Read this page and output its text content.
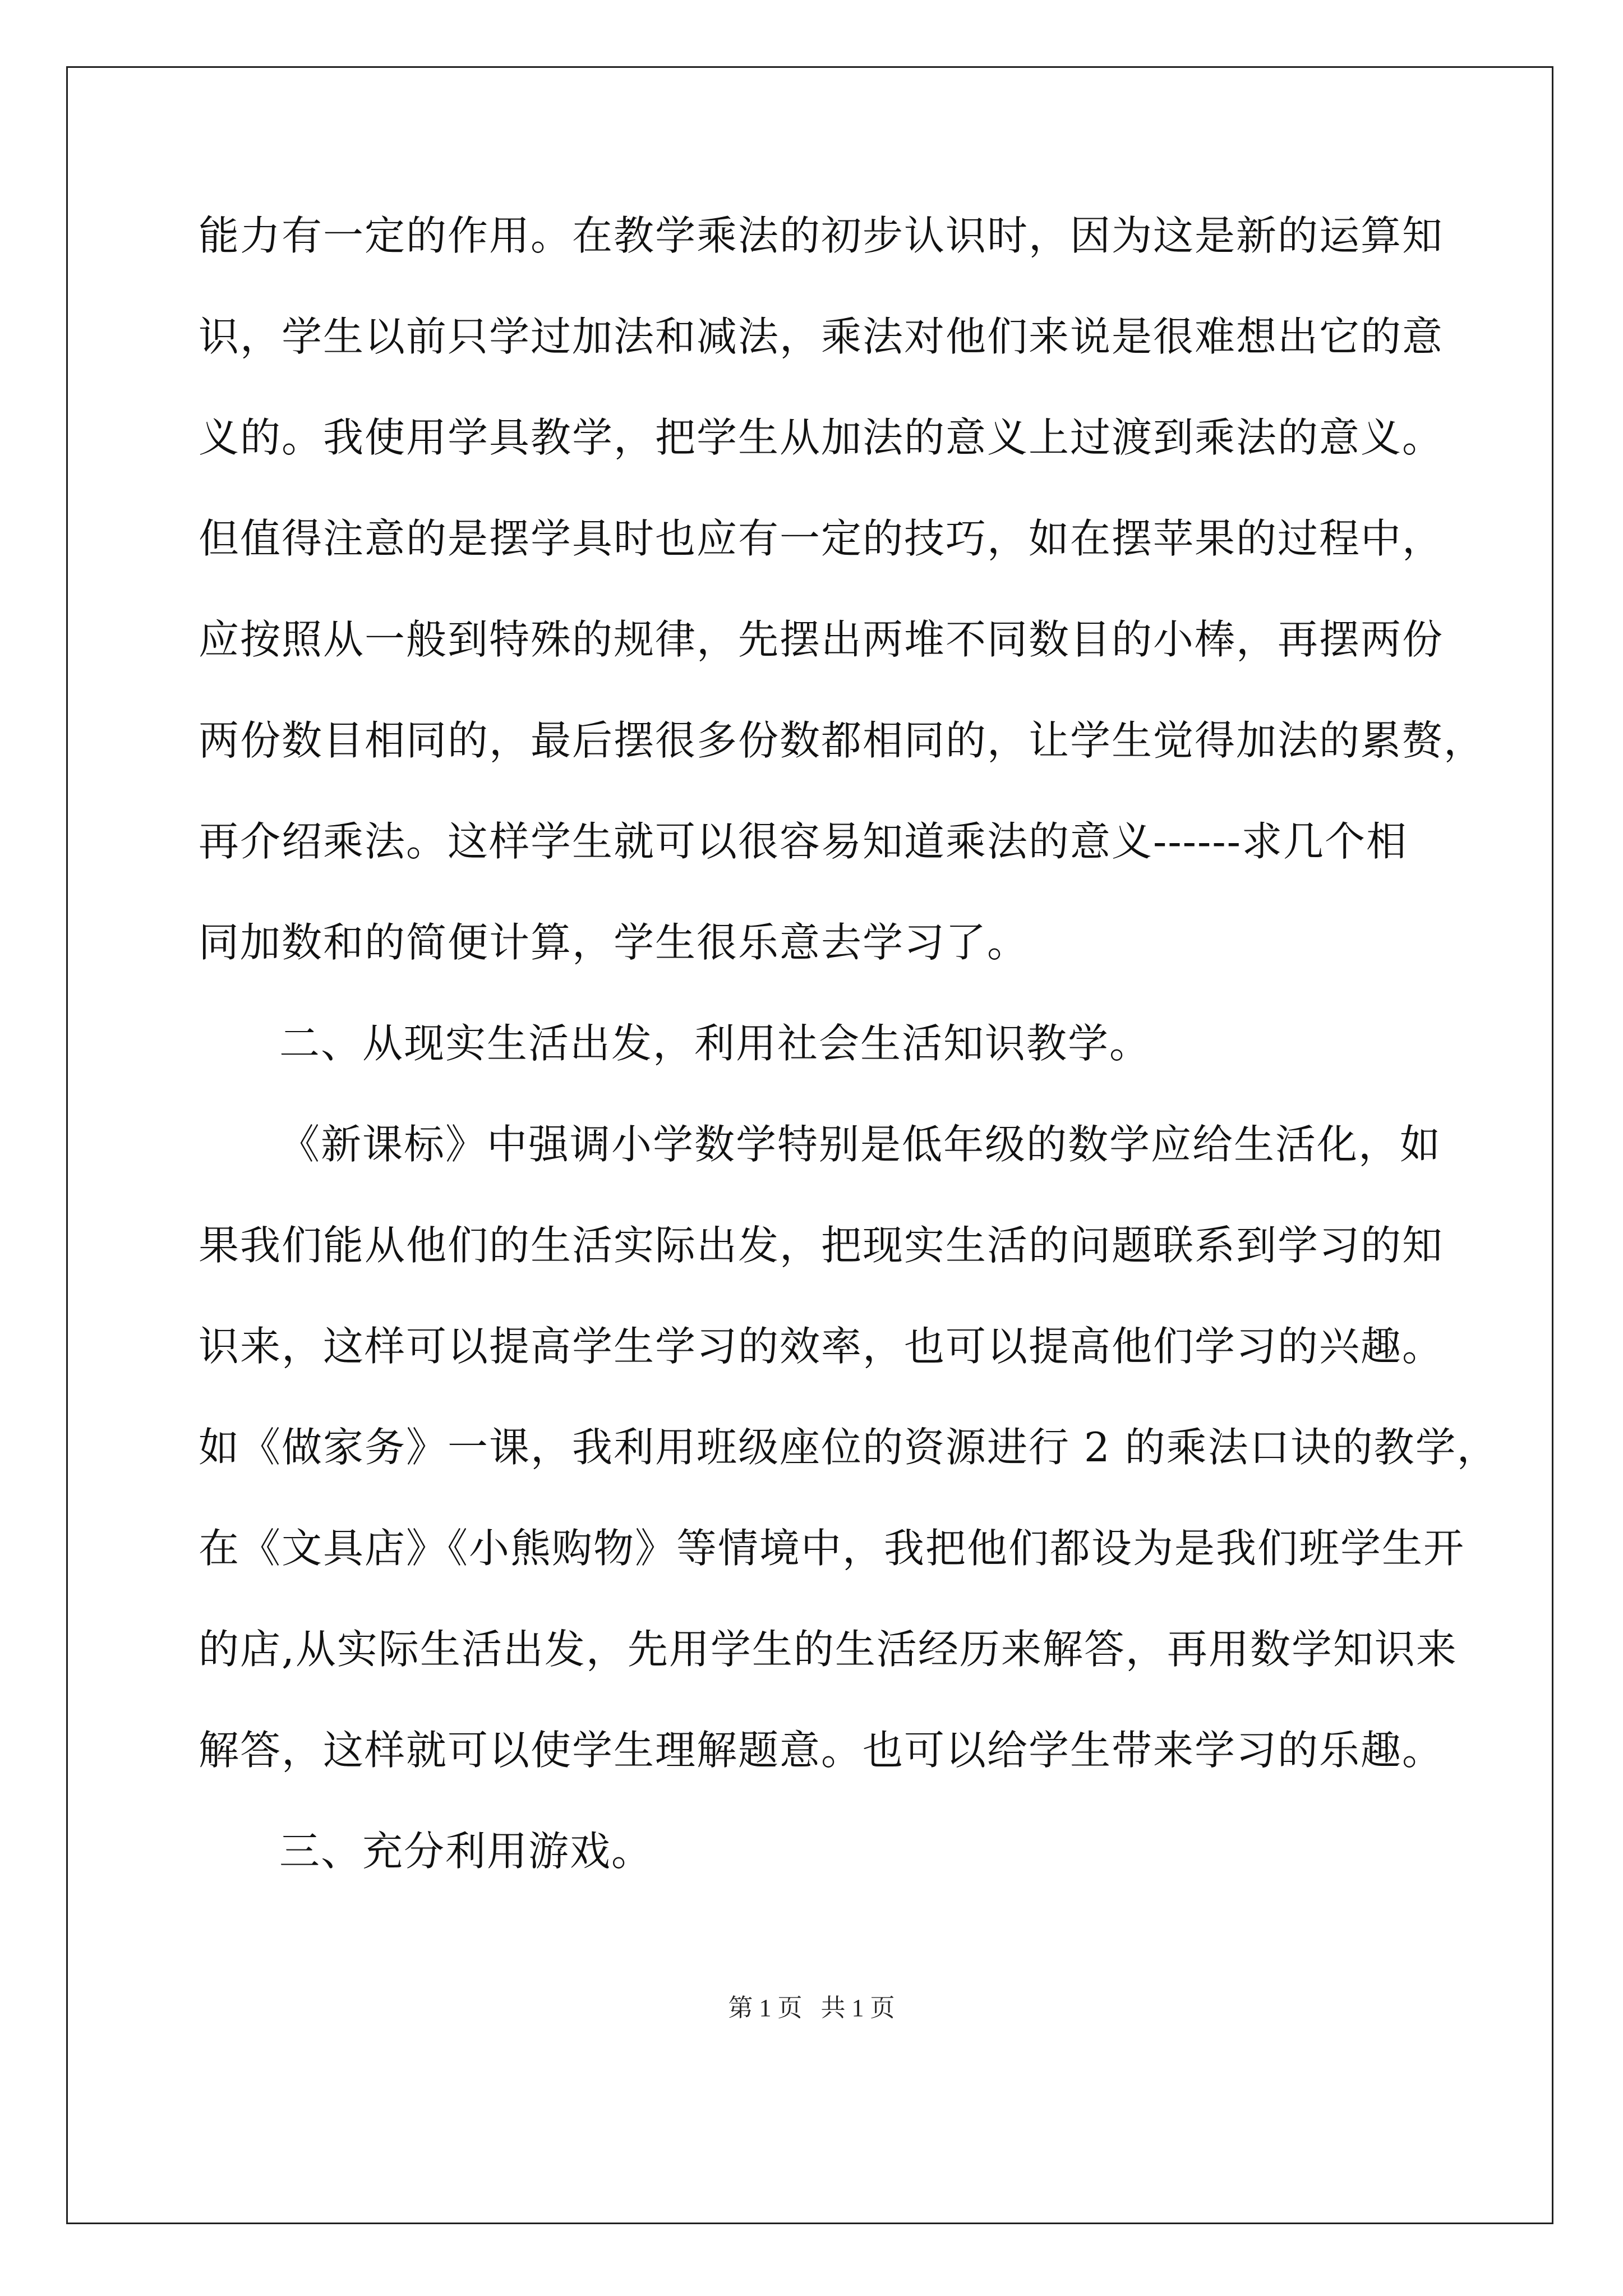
能力有一定的作用。在教学乘法的初步认识时，因为这是新的运算知
识，学生以前只学过加法和减法，乘法对他们来说是很难想出它的意
义的。我使用学具教学，把学生从加法的意义上过渡到乘法的意义。
但值得注意的是摆学具时也应有一定的技巧，如在摆苹果的过程中，
应按照从一般到特殊的规律，先摆出两堆不同数目的小棒，再摆两份
两份数目相同的，最后摆很多份数都相同的，让学生觉得加法的累赘，
再介绍乘法。这样学生就可以很容易知道乘法的意义------求几个相
同加数和的简便计算，学生很乐意去学习了。
二、从现实生活出发，利用社会生活知识教学。
《新课标》中强调小学数学特别是低年级的数学应给生活化，如
果我们能从他们的生活实际出发，把现实生活的问题联系到学习的知
识来，这样可以提高学生学习的效率，也可以提高他们学习的兴趣。
如《做家务》一课，我利用班级座位的资源进行 2 的乘法口诀的教学，
在《文具店》《小熊购物》等情境中，我把他们都设为是我们班学生开
的店,从实际生活出发，先用学生的生活经历来解答，再用数学知识来
解答，这样就可以使学生理解题意。也可以给学生带来学习的乐趣。
三、充分利用游戏。
第 1 页   共 1 页
